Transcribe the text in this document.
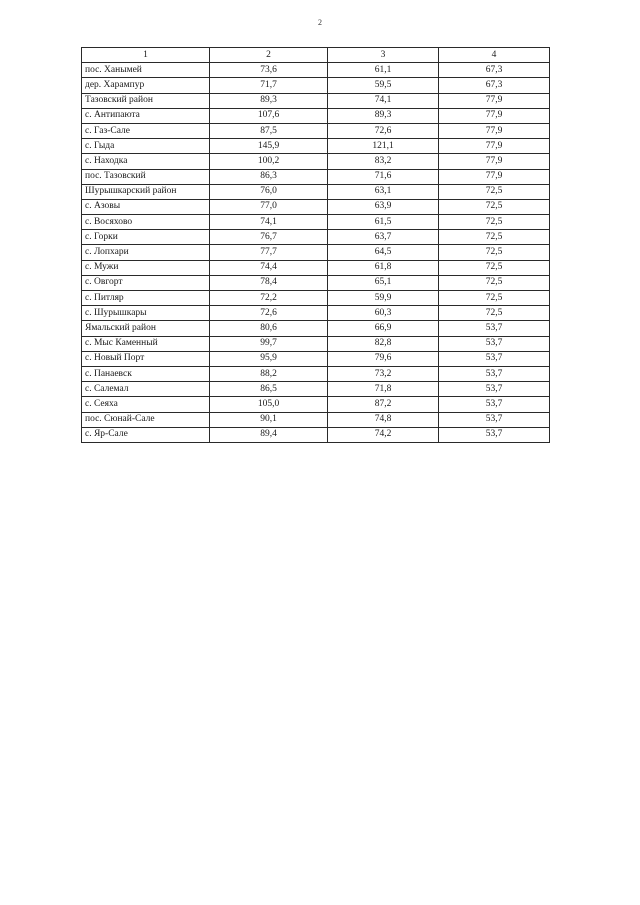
2
1	2	3	4
пос. Ханымей	73,6	61,1	67,3
дер. Харампур	71,7	59,5	67,3
Тазовский район	89,3	74,1	77,9
с. Антипаюта	107,6	89,3	77,9
с. Газ-Сале	87,5	72,6	77,9
с. Гыда	145,9	121,1	77,9
с. Находка	100,2	83,2	77,9
пос. Тазовский	86,3	71,6	77,9
Шурышкарский район	76,0	63,1	72,5
с. Азовы	77,0	63,9	72,5
с. Восяхово	74,1	61,5	72,5
с. Горки	76,7	63,7	72,5
с. Лопхари	77,7	64,5	72,5
с. Мужи	74,4	61,8	72,5
с. Овгорт	78,4	65,1	72,5
с. Питляр	72,2	59,9	72,5
с. Шурышкары	72,6	60,3	72,5
Ямальский район	80,6	66,9	53,7
с. Мыс Каменный	99,7	82,8	53,7
с. Новый Порт	95,9	79,6	53,7
с. Панаевск	88,2	73,2	53,7
с. Салемал	86,5	71,8	53,7
с. Сеяха	105,0	87,2	53,7
пос. Сюнай-Сале	90,1	74,8	53,7
с. Яр-Сале	89,4	74,2	53,7
